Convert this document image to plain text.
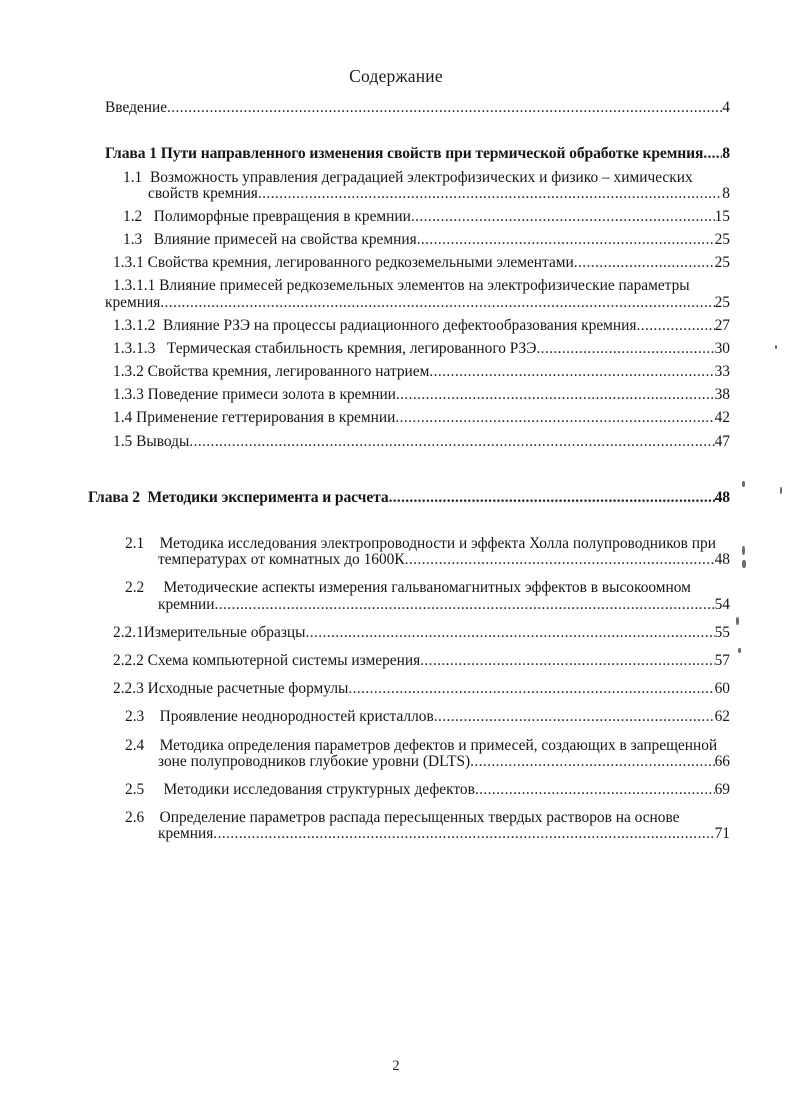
Содержание
Введение .....	4
Глава 1 Пути направленного изменения свойств при термической обработке кремния ..... 8
1.1 Возможность управления деградацией электрофизических и физико – химических
свойств кремния .....	8
1.2 Полиморфные превращения в кремнии .....	15
1.3 Влияние примесей на свойства кремния .....	25
1.3.1 Свойства кремния, легированного редкоземельными элементами .....	25
1.3.1.1 Влияние примесей редкоземельных элементов на электрофизические параметры
кремния .....	25
1.3.1.2 Влияние РЗЭ на процессы радиационного дефектообразования кремния .....	27
1.3.1.3 Термическая стабильность кремния, легированного РЗЭ .....	30
1.3.2 Свойства кремния, легированного натрием .....	33
1.3.3 Поведение примеси золота в кремнии .....	38
1.4 Применение геттерирования в кремнии .....	42
1.5 Выводы .....	47
Глава 2 Методики эксперимента и расчета .....	48
2.1 Методика исследования электропроводности и эффекта Холла полупроводников при
температурах от комнатных до 1600К .....	48
2.2 Методические аспекты измерения гальваномагнитных эффектов в высокоомном
кремнии .....	54
2.2.1 Измерительные образцы .....	55
2.2.2 Схема компьютерной системы измерения .....	57
2.2.3 Исходные расчетные формулы .....	60
2.3 Проявление неоднородностей кристаллов .....	62
2.4 Методика определения параметров дефектов и примесей, создающих в запрещенной
зоне полупроводников глубокие уровни (DLTS) .....	66
2.5 Методики исследования структурных дефектов .....	69
2.6 Определение параметров распада пересыщенных твердых растворов на основе
кремния .....	71
2
